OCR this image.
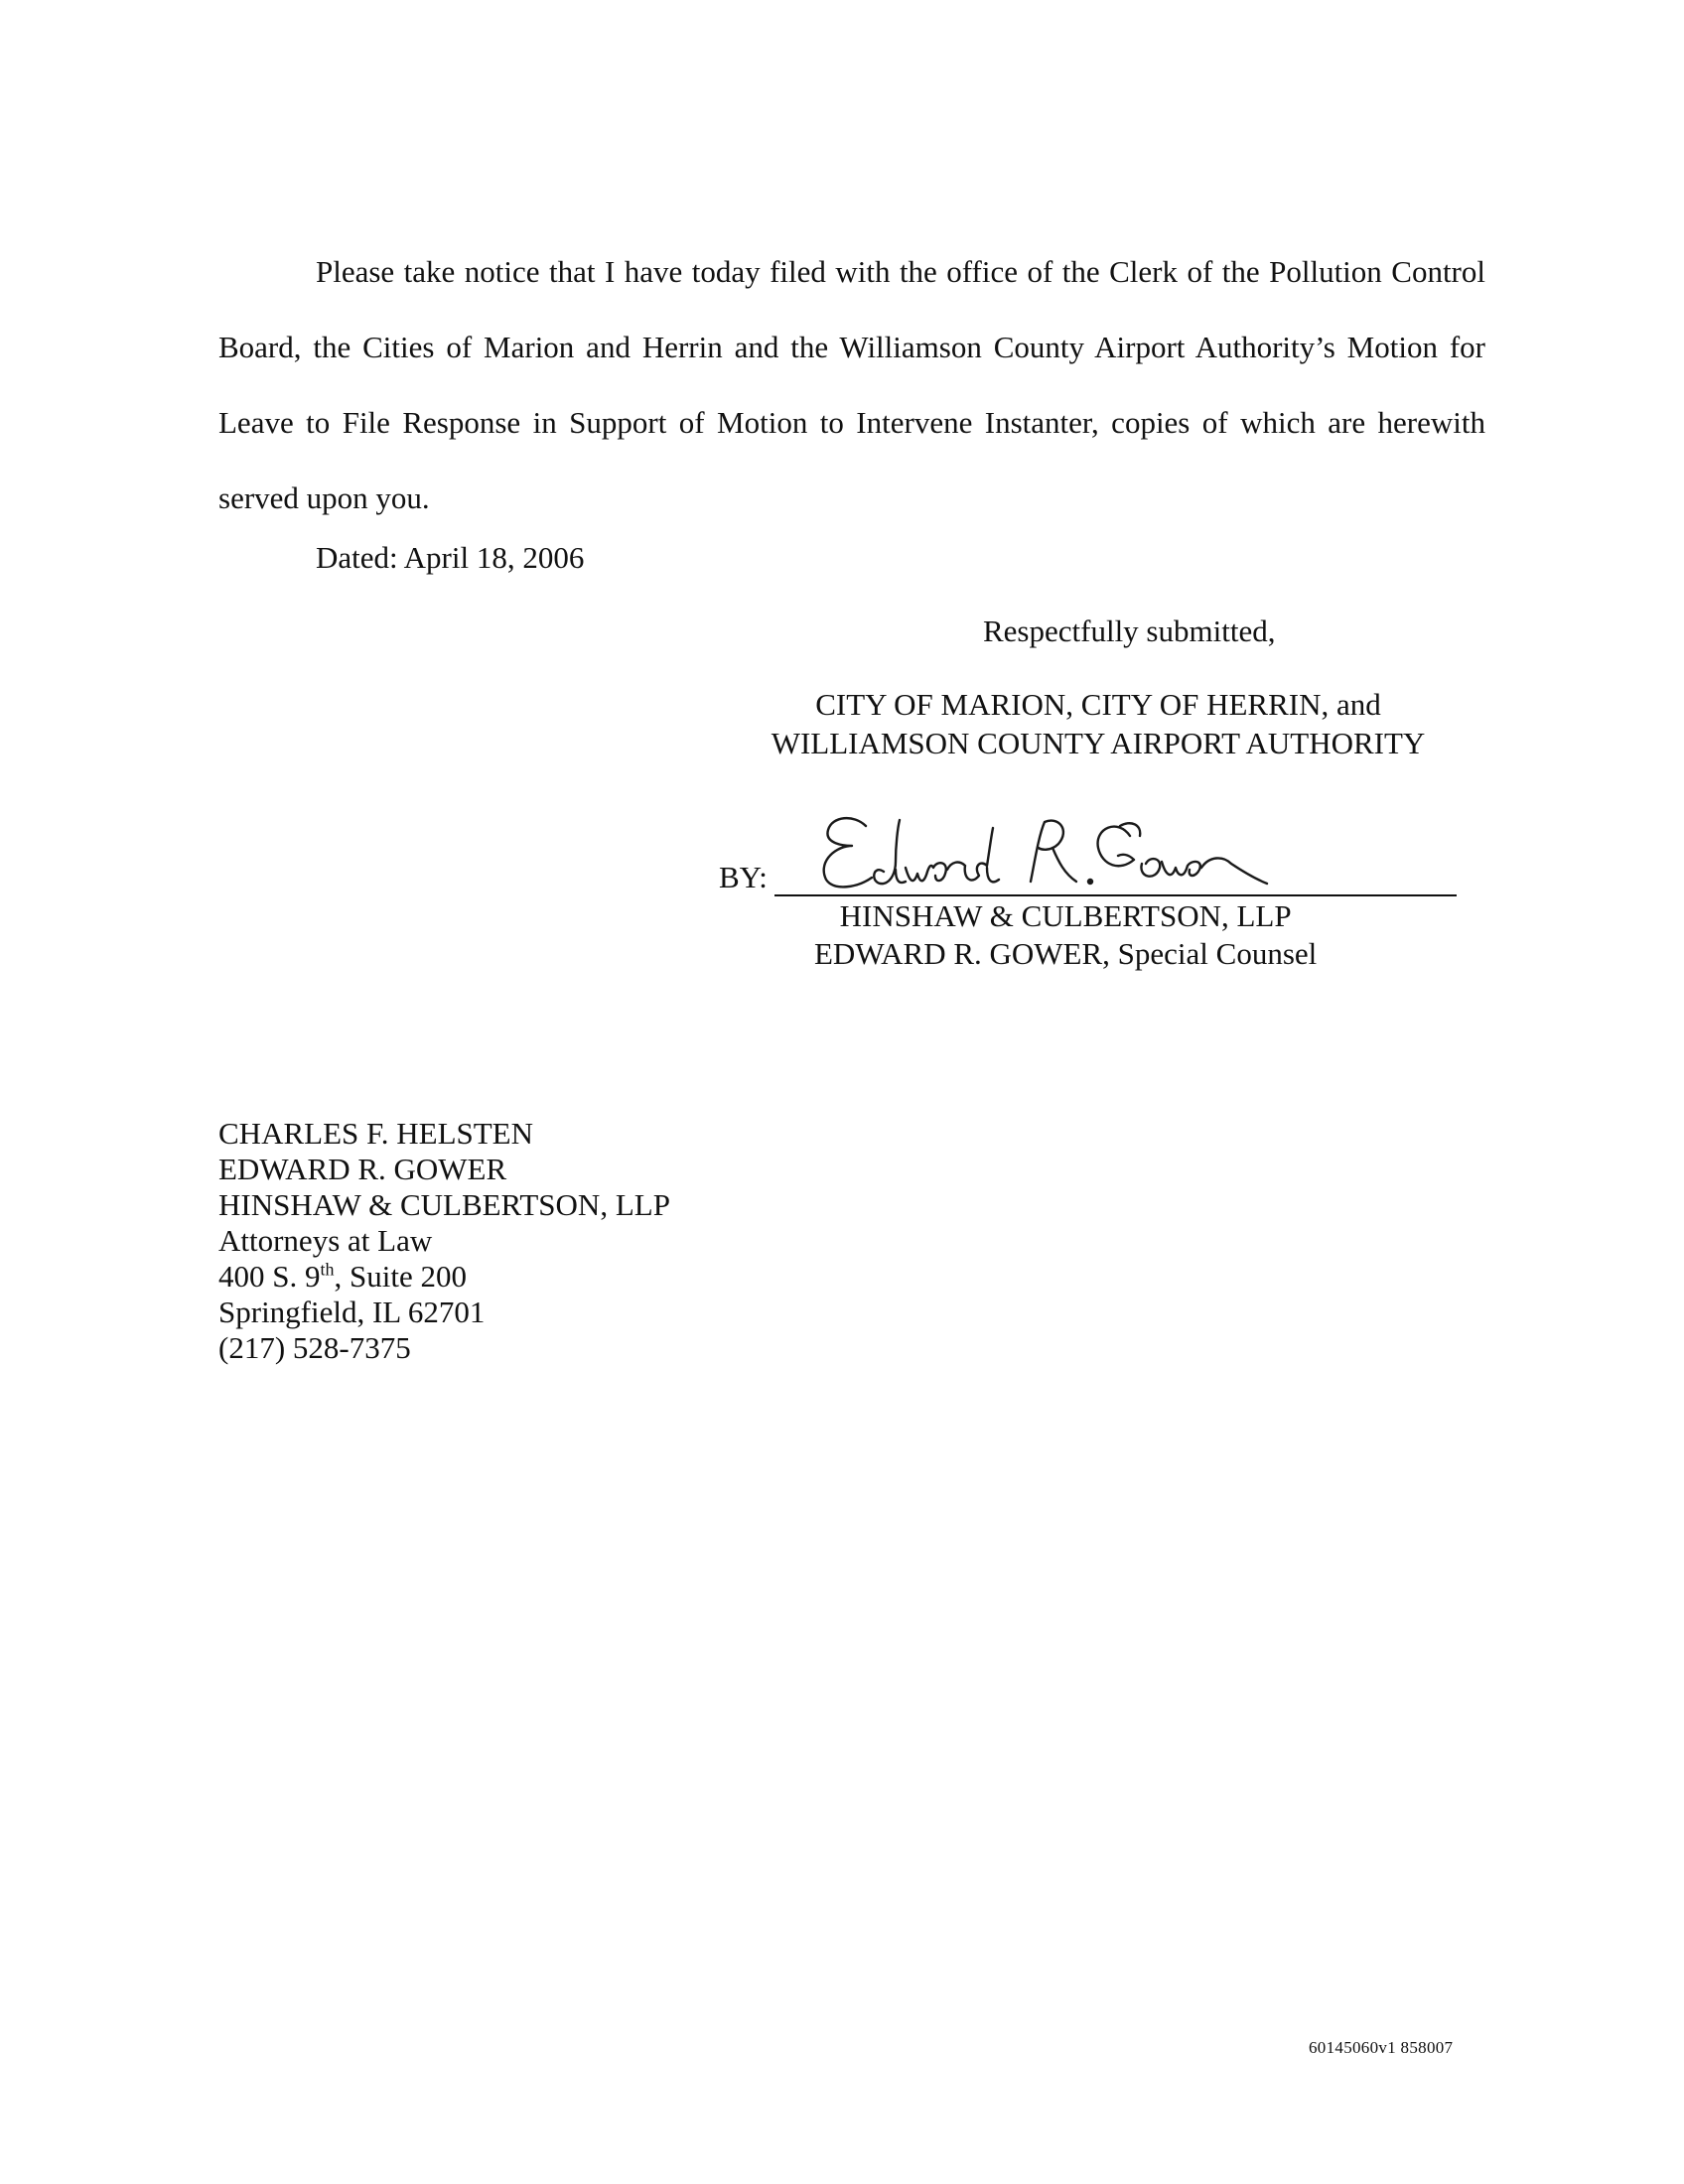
Please take notice that I have today filed with the office of the Clerk of the Pollution Control Board, the Cities of Marion and Herrin and the Williamson County Airport Authority’s Motion for Leave to File Response in Support of Motion to Intervene Instanter, copies of which are herewith served upon you.

Dated: April 18, 2006

Respectfully submitted,

CITY OF MARION, CITY OF HERRIN, and
WILLIAMSON COUNTY AIRPORT AUTHORITY

BY:

HINSHAW & CULBERTSON, LLP
EDWARD R. GOWER, Special Counsel
CHARLES F. HELSTEN
EDWARD R. GOWER
HINSHAW & CULBERTSON, LLP
Attorneys at Law
400 S. 9th, Suite 200
Springfield, IL 62701
(217) 528-7375

60145060v1 858007
